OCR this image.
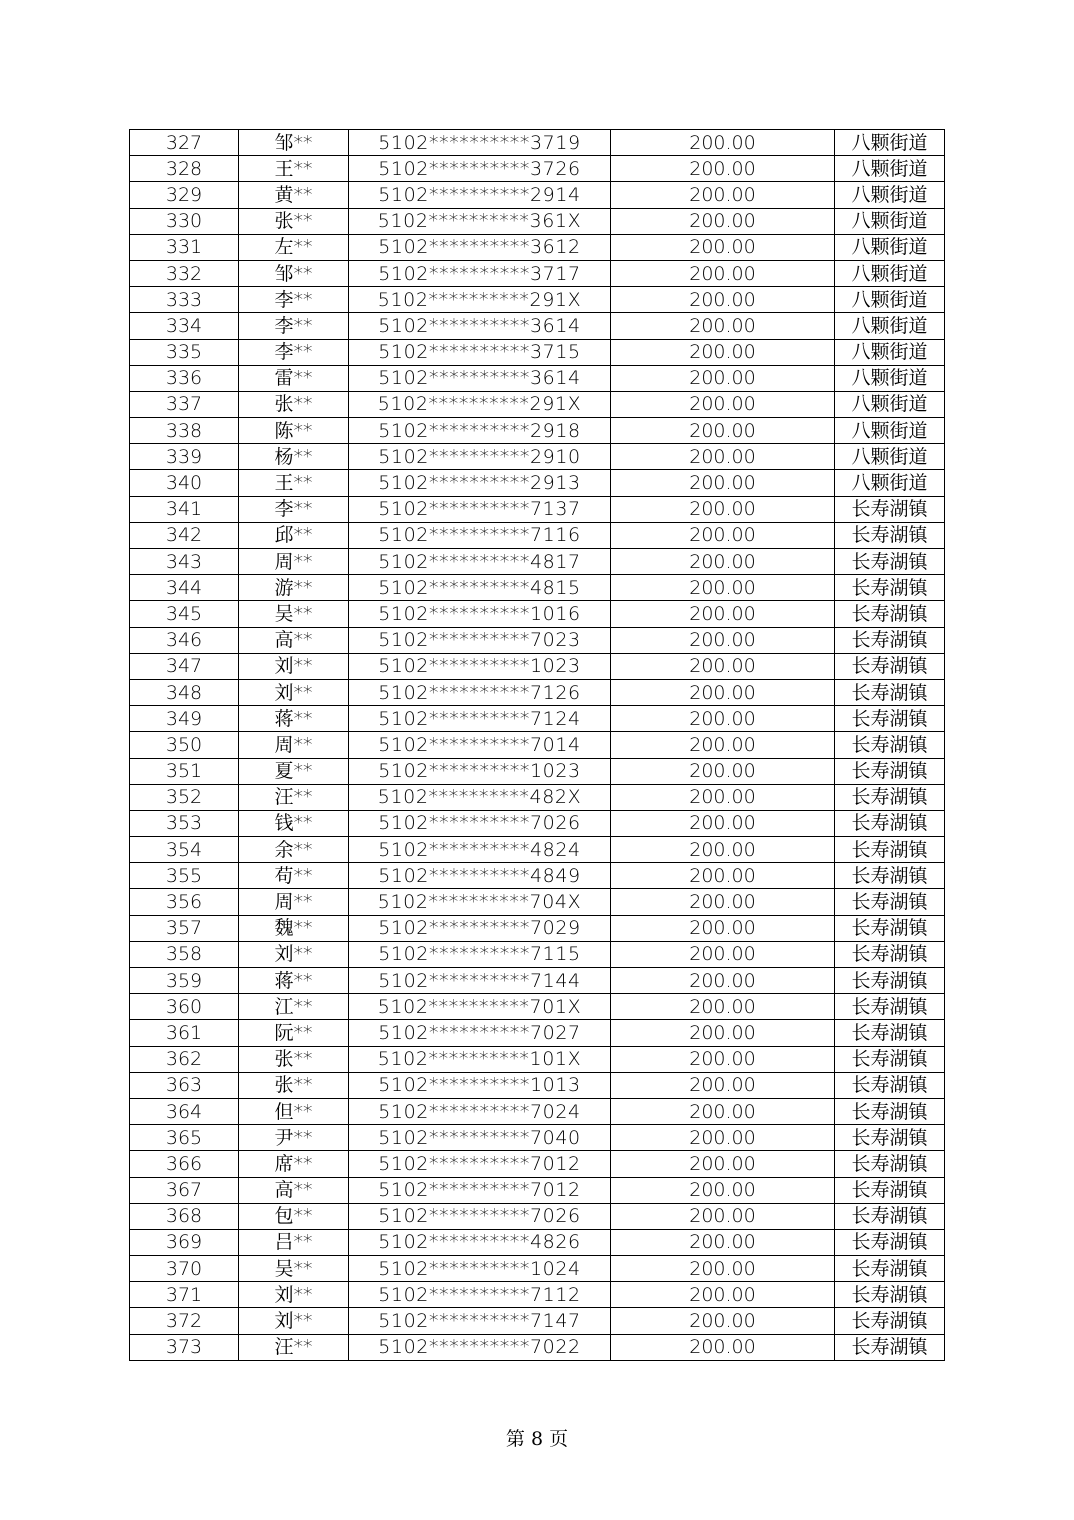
327	邹**	5102**********3719	200.00	八颗街道
328	王**	5102**********3726	200.00	八颗街道
329	黄**	5102**********2914	200.00	八颗街道
330	张**	5102**********361X	200.00	八颗街道
331	左**	5102**********3612	200.00	八颗街道
332	邹**	5102**********3717	200.00	八颗街道
333	李**	5102**********291X	200.00	八颗街道
334	李**	5102**********3614	200.00	八颗街道
335	李**	5102**********3715	200.00	八颗街道
336	雷**	5102**********3614	200.00	八颗街道
337	张**	5102**********291X	200.00	八颗街道
338	陈**	5102**********2918	200.00	八颗街道
339	杨**	5102**********2910	200.00	八颗街道
340	王**	5102**********2913	200.00	八颗街道
341	李**	5102**********7137	200.00	长寿湖镇
342	邱**	5102**********7116	200.00	长寿湖镇
343	周**	5102**********4817	200.00	长寿湖镇
344	游**	5102**********4815	200.00	长寿湖镇
345	吴**	5102**********1016	200.00	长寿湖镇
346	高**	5102**********7023	200.00	长寿湖镇
347	刘**	5102**********1023	200.00	长寿湖镇
348	刘**	5102**********7126	200.00	长寿湖镇
349	蒋**	5102**********7124	200.00	长寿湖镇
350	周**	5102**********7014	200.00	长寿湖镇
351	夏**	5102**********1023	200.00	长寿湖镇
352	汪**	5102**********482X	200.00	长寿湖镇
353	钱**	5102**********7026	200.00	长寿湖镇
354	余**	5102**********4824	200.00	长寿湖镇
355	苟**	5102**********4849	200.00	长寿湖镇
356	周**	5102**********704X	200.00	长寿湖镇
357	魏**	5102**********7029	200.00	长寿湖镇
358	刘**	5102**********7115	200.00	长寿湖镇
359	蒋**	5102**********7144	200.00	长寿湖镇
360	江**	5102**********701X	200.00	长寿湖镇
361	阮**	5102**********7027	200.00	长寿湖镇
362	张**	5102**********101X	200.00	长寿湖镇
363	张**	5102**********1013	200.00	长寿湖镇
364	但**	5102**********7024	200.00	长寿湖镇
365	尹**	5102**********7040	200.00	长寿湖镇
366	席**	5102**********7012	200.00	长寿湖镇
367	高**	5102**********7012	200.00	长寿湖镇
368	包**	5102**********7026	200.00	长寿湖镇
369	吕**	5102**********4826	200.00	长寿湖镇
370	吴**	5102**********1024	200.00	长寿湖镇
371	刘**	5102**********7112	200.00	长寿湖镇
372	刘**	5102**********7147	200.00	长寿湖镇
373	汪**	5102**********7022	200.00	长寿湖镇
第 8 页
